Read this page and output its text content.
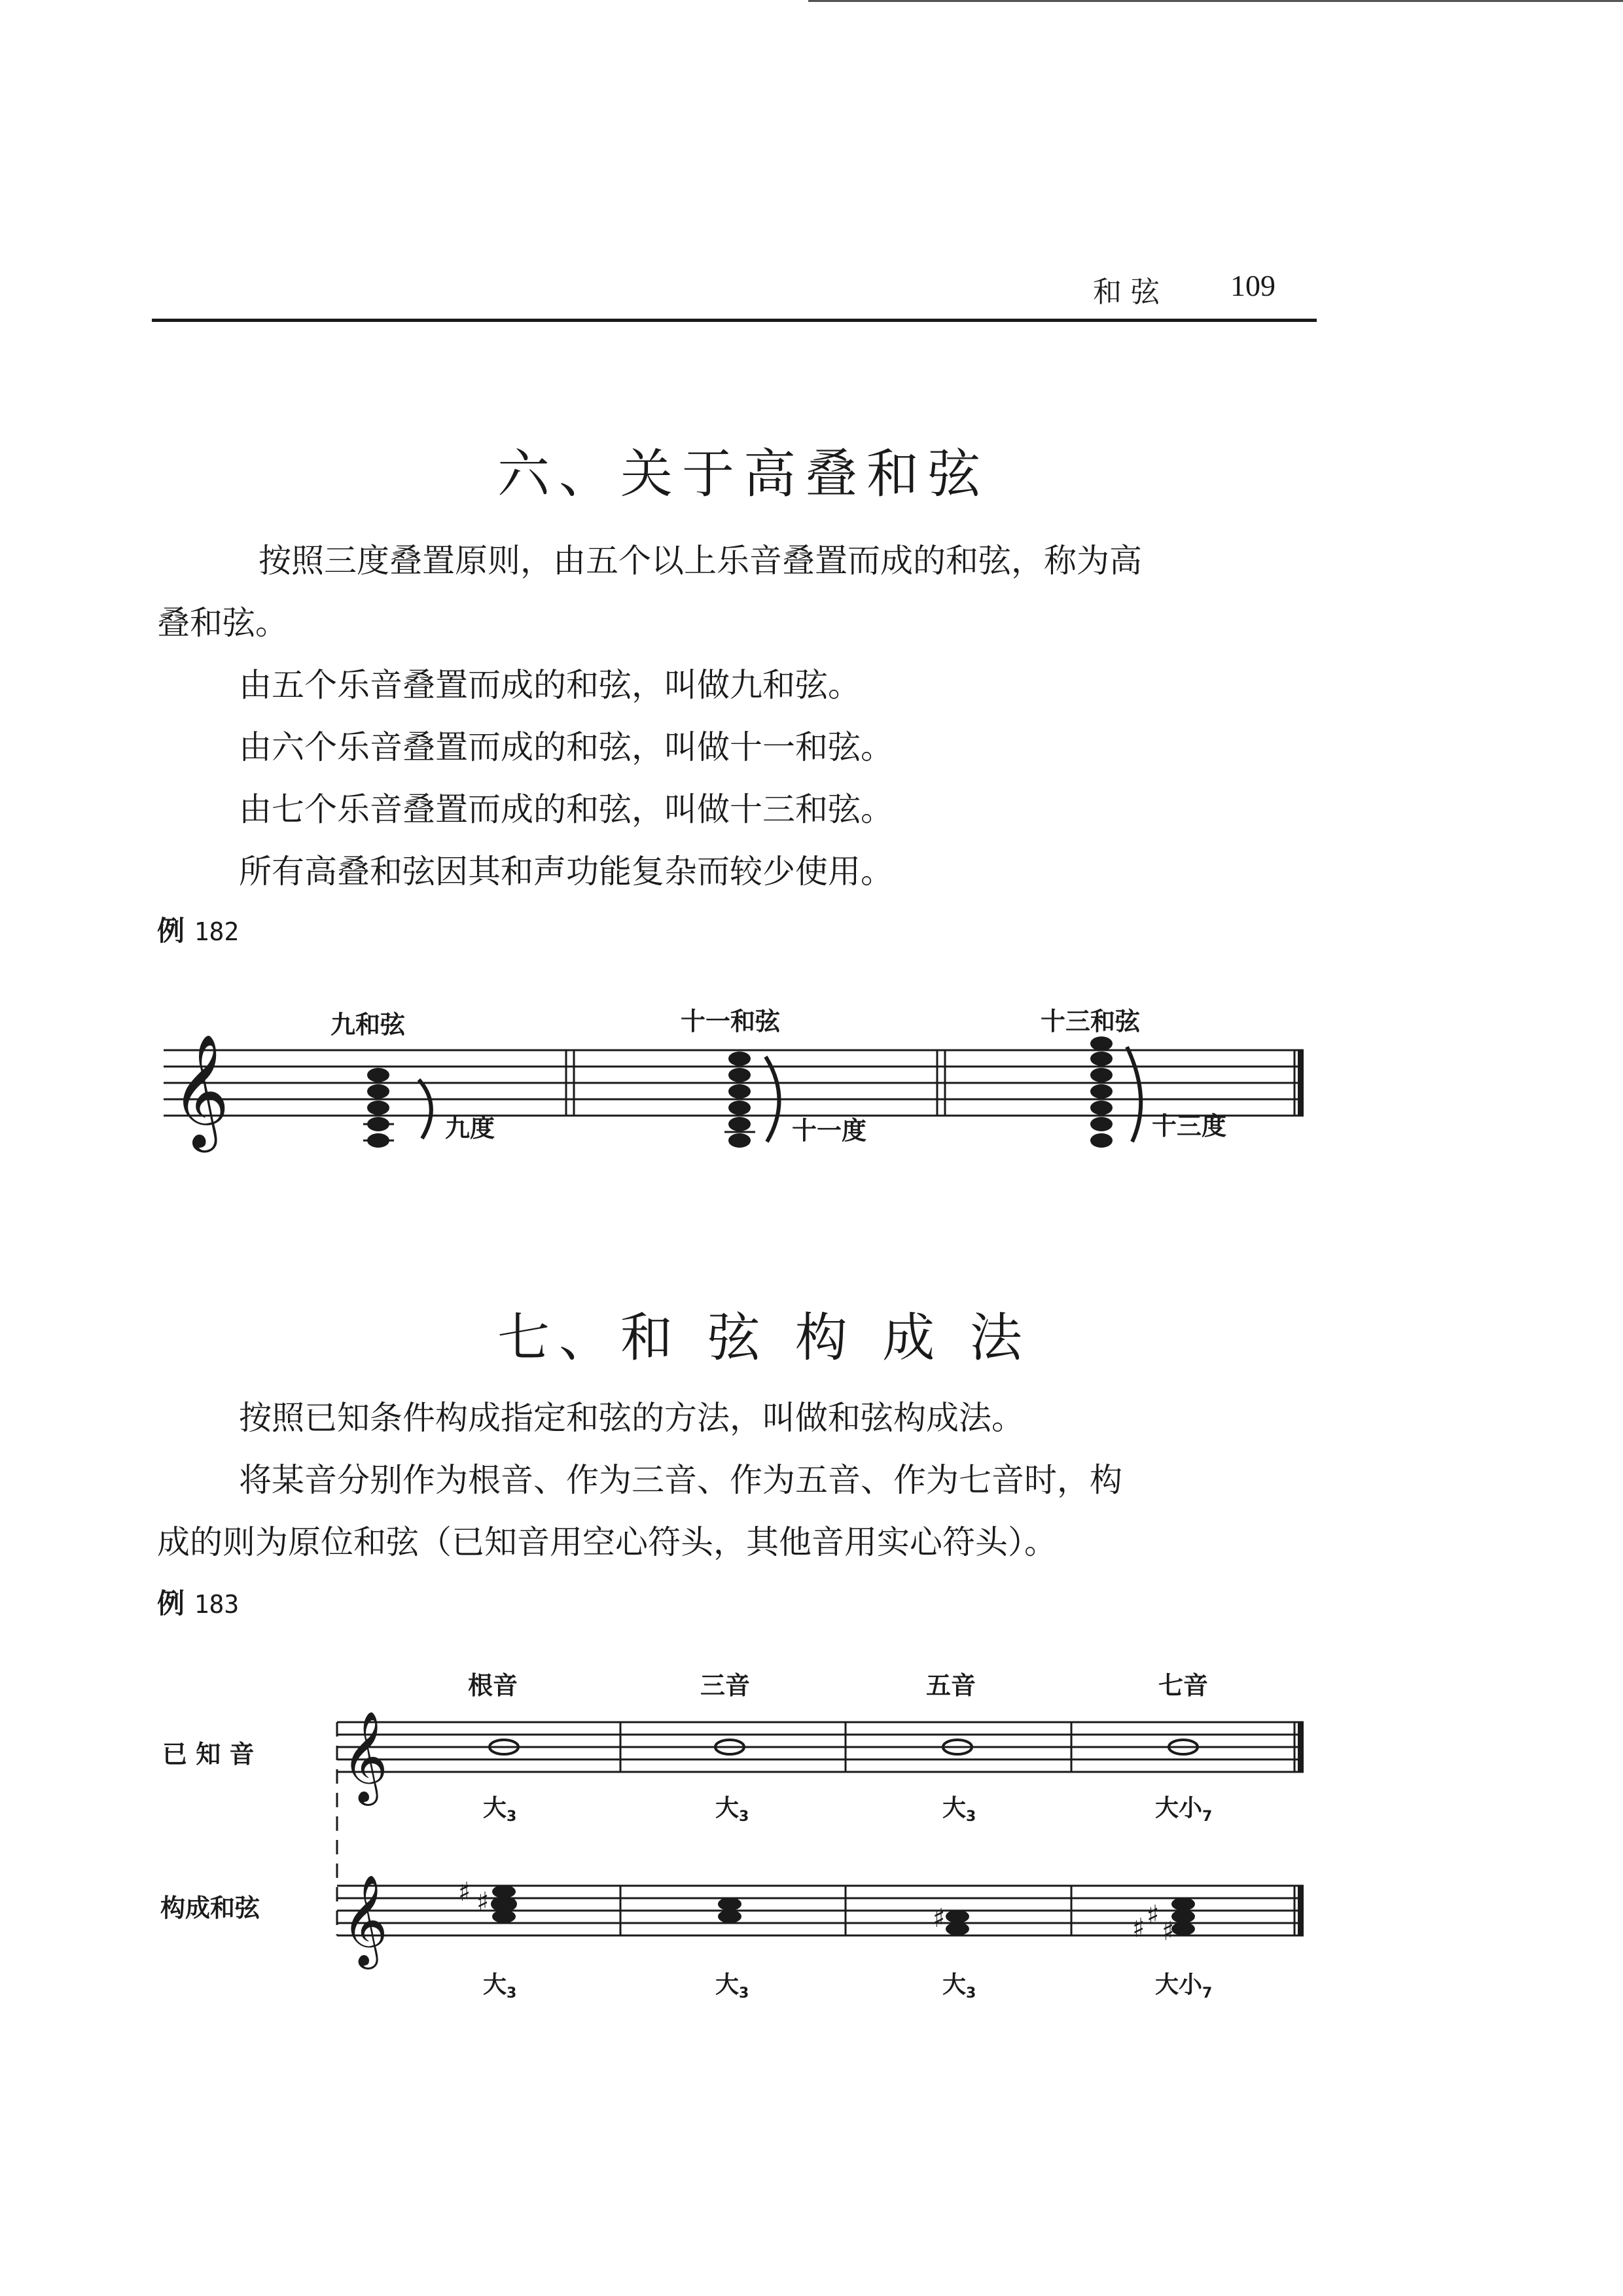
和 弦 109
六、关于高叠和弦
按照三度叠置原则，由五个以上乐音叠置而成的和弦，称为高
叠和弦。
由五个乐音叠置而成的和弦，叫做九和弦。
由六个乐音叠置而成的和弦，叫做十一和弦。
由七个乐音叠置而成的和弦，叫做十三和弦。
所有高叠和弦因其和声功能复杂而较少使用。
例 182
九和弦	十一和弦	十三和弦
九度	十一度	十三度
𝄞
七、和 弦 构 成 法
按照已知条件构成指定和弦的方法，叫做和弦构成法。
将某音分别作为根音、作为三音、作为五音、作为七音时，构
成的则为原位和弦（已知音用空心符头，其他音用实心符头）。
例 183
根音	三音	五音	七音
已 知 音
构成和弦
大$_3$	大$_3$	大$_3$	大小$_7$
大$_3$	大$_3$	大$_3$	大小$_7$
𝄞
𝄞	♯ ♯
♯	♯ ♯
♯
